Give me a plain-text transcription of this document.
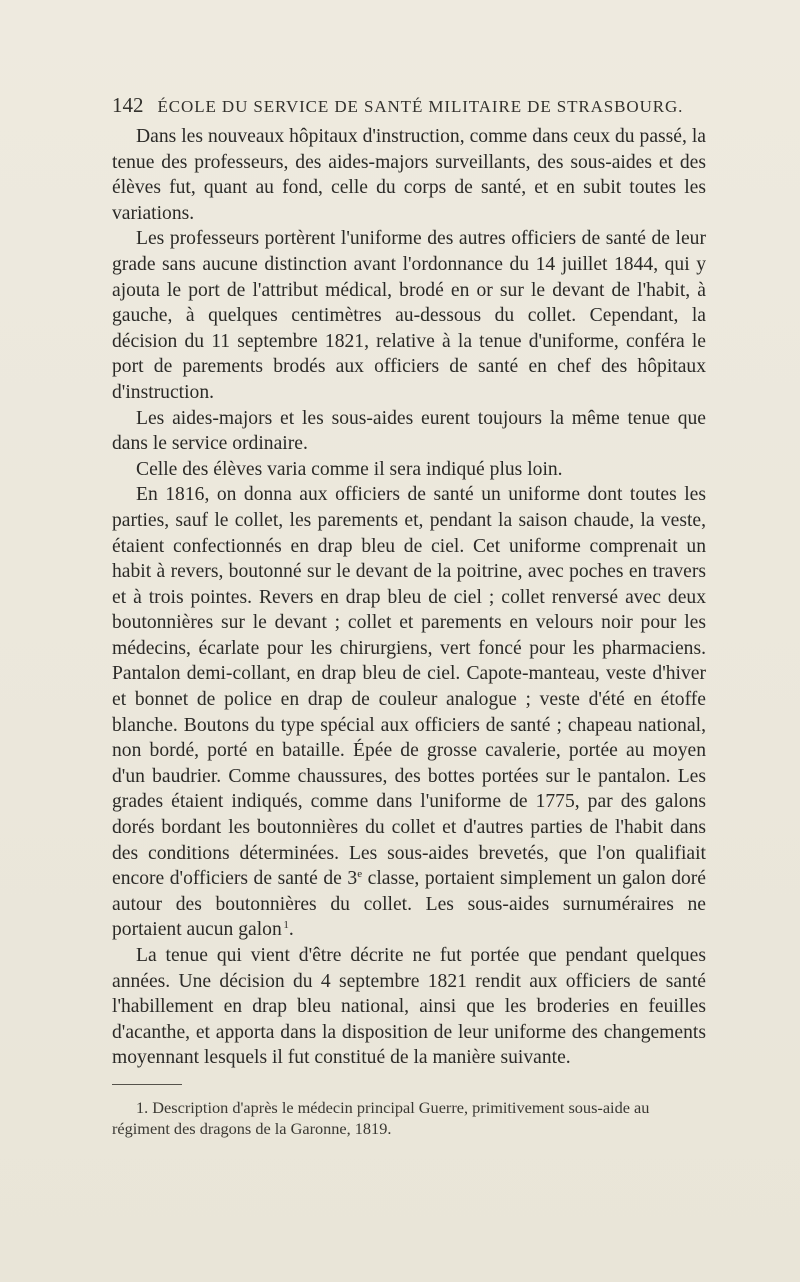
142 ÉCOLE DU SERVICE DE SANTÉ MILITAIRE DE STRASBOURG.

Dans les nouveaux hôpitaux d'instruction, comme dans ceux du passé, la tenue des professeurs, des aides-majors surveillants, des sous-aides et des élèves fut, quant au fond, celle du corps de santé, et en subit toutes les variations.

Les professeurs portèrent l'uniforme des autres officiers de santé de leur grade sans aucune distinction avant l'ordonnance du 14 juillet 1844, qui y ajouta le port de l'attribut médical, brodé en or sur le devant de l'habit, à gauche, à quelques centimètres au-dessous du collet. Cependant, la décision du 11 septembre 1821, relative à la tenue d'uniforme, conféra le port de parements brodés aux officiers de santé en chef des hôpitaux d'instruction.

Les aides-majors et les sous-aides eurent toujours la même tenue que dans le service ordinaire.

Celle des élèves varia comme il sera indiqué plus loin.

En 1816, on donna aux officiers de santé un uniforme dont toutes les parties, sauf le collet, les parements et, pendant la saison chaude, la veste, étaient confectionnés en drap bleu de ciel. Cet uniforme comprenait un habit à revers, boutonné sur le devant de la poitrine, avec poches en travers et à trois pointes. Revers en drap bleu de ciel ; collet renversé avec deux boutonnières sur le devant ; collet et parements en velours noir pour les médecins, écarlate pour les chirurgiens, vert foncé pour les pharmaciens. Pantalon demi-collant, en drap bleu de ciel. Capote-manteau, veste d'hiver et bonnet de police en drap de couleur analogue ; veste d'été en étoffe blanche. Boutons du type spécial aux officiers de santé ; chapeau national, non bordé, porté en bataille. Épée de grosse cavalerie, portée au moyen d'un baudrier. Comme chaussures, des bottes portées sur le pantalon. Les grades étaient indiqués, comme dans l'uniforme de 1775, par des galons dorés bordant les boutonnières du collet et d'autres parties de l'habit dans des conditions déterminées. Les sous-aides brevetés, que l'on qualifiait encore d'officiers de santé de 3e classe, portaient simplement un galon doré autour des boutonnières du collet. Les sous-aides surnuméraires ne portaient aucun galon  $^1$.

La tenue qui vient d'être décrite ne fut portée que pendant quelques années. Une décision du 4 septembre 1821 rendit aux officiers de santé l'habillement en drap bleu national, ainsi que les broderies en feuilles d'acanthe, et apporta dans la disposition de leur uniforme des changements moyennant lesquels il fut constitué de la manière suivante.

1. Description d'après le médecin principal Guerre, primitivement sous-aide au régiment des dragons de la Garonne, 1819.
